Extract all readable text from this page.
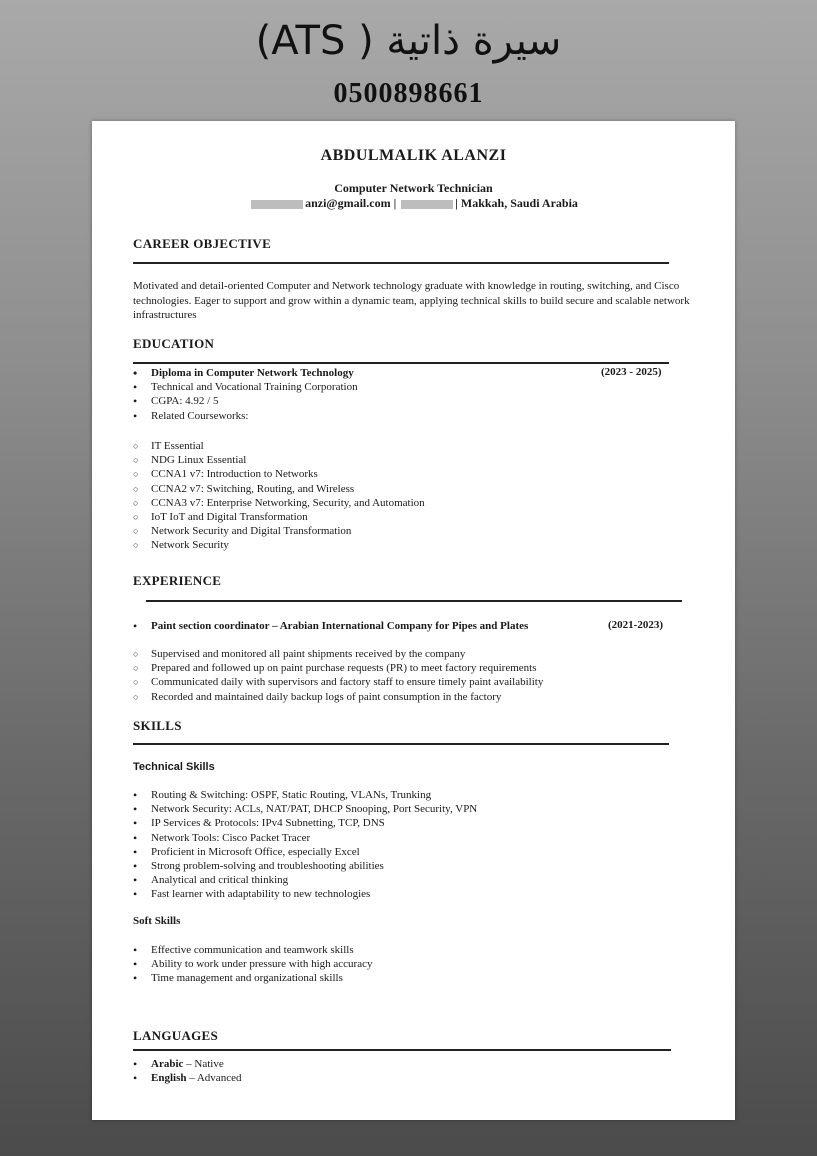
سيرة ذاتية ( ATS)
0500898661
ABDULMALIK ALANZI
Computer Network Technician
anzi@gmail.com |	| Makkah, Saudi Arabia
CAREER OBJECTIVE
Motivated and detail-oriented Computer and Network technology graduate with knowledge in routing, switching, and Cisco technologies. Eager to support and grow within a dynamic team, applying technical skills to build secure and scalable network infrastructures
EDUCATION
• Diploma in Computer Network Technology
• Technical and Vocational Training Corporation
• CGPA: 4.92 / 5
• Related Courseworks:
(2023 - 2025)
○ IT Essential
○ NDG Linux Essential
○ CCNA1 v7: Introduction to Networks
○ CCNA2 v7: Switching, Routing, and Wireless
○ CCNA3 v7: Enterprise Networking, Security, and Automation
○ IoT IoT and Digital Transformation
○ Network Security and Digital Transformation
○ Network Security
EXPERIENCE
• Paint section coordinator – Arabian International Company for Pipes and Plates	(2021-2023)
○ Supervised and monitored all paint shipments received by the company
○ Prepared and followed up on paint purchase requests (PR) to meet factory requirements
○ Communicated daily with supervisors and factory staff to ensure timely paint availability
○ Recorded and maintained daily backup logs of paint consumption in the factory
SKILLS
Technical Skills
• Routing & Switching: OSPF, Static Routing, VLANs, Trunking
• Network Security: ACLs, NAT/PAT, DHCP Snooping, Port Security, VPN
• IP Services & Protocols: IPv4 Subnetting, TCP, DNS
• Network Tools: Cisco Packet Tracer
• Proficient in Microsoft Office, especially Excel
• Strong problem-solving and troubleshooting abilities
• Analytical and critical thinking
• Fast learner with adaptability to new technologies
Soft Skills
• Effective communication and teamwork skills
• Ability to work under pressure with high accuracy
• Time management and organizational skills
LANGUAGES
• Arabic – Native
• English – Advanced
